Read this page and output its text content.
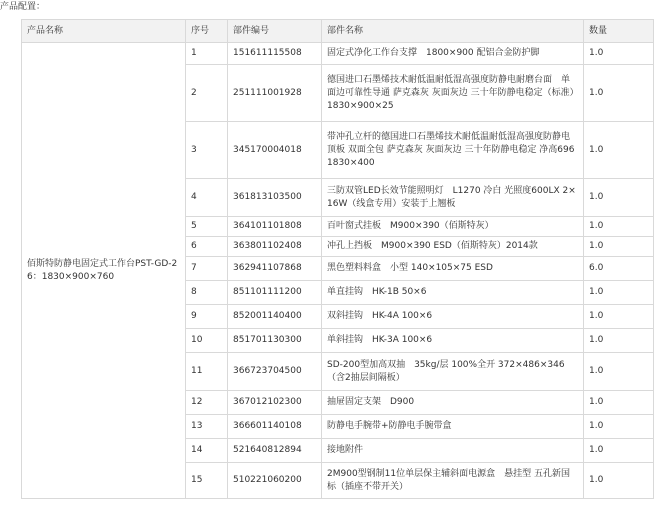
产品配置：
产品名称	序号	部件编号	部件名称	数量
佰斯特防静电固定式工作台PST-GD-26：1830×900×760	1	151611115508	固定式净化工作台支撑　1800×900 配铝合金防护脚	1.0
	2	251111001928	德国进口石墨烯技术耐低温耐低湿高强度防静电耐磨台面　单面边可靠性导通 萨克森灰 灰面灰边 三十年防静电稳定（标准）　1830×900×25	1.0
	3	345170004018	带冲孔立杆的德国进口石墨烯技术耐低温耐低湿高强度防静电顶板 双面全包 萨克森灰 灰面灰边 三十年防静电稳定 净高696 1830×400	1.0
	4	361813103500	三防双管LED长效节能照明灯　L1270 冷白 光照度600LX 2×16W（线盒专用）安装于上翘板	1.0
	5	364101101808	百叶窗式挂板　M900×390（佰斯特灰）	1.0
	6	363801102408	冲孔上挡板　M900×390 ESD（佰斯特灰）2014款	1.0
	7	362941107868	黑色塑料料盒　小型 140×105×75 ESD	6.0
	8	851101111200	单直挂钩　HK-1B 50×6	1.0
	9	852001140400	双斜挂钩　HK-4A 100×6	1.0
	10	851701130300	单斜挂钩　HK-3A 100×6	1.0
	11	366723704500	SD-200型加高双抽　35kg/层 100%全开 372×486×346（含2抽层间隔板）	1.0
	12	367012102300	抽屉固定支架　D900	1.0
	13	366601140108	防静电手腕带+防静电手腕带盒	1.0
	14	521640812894	接地附件	1.0
	15	510221060200	2M900型钢制11位单层保主辅斜面电源盒　悬挂型 五孔新国标（插座不带开关）	1.0
